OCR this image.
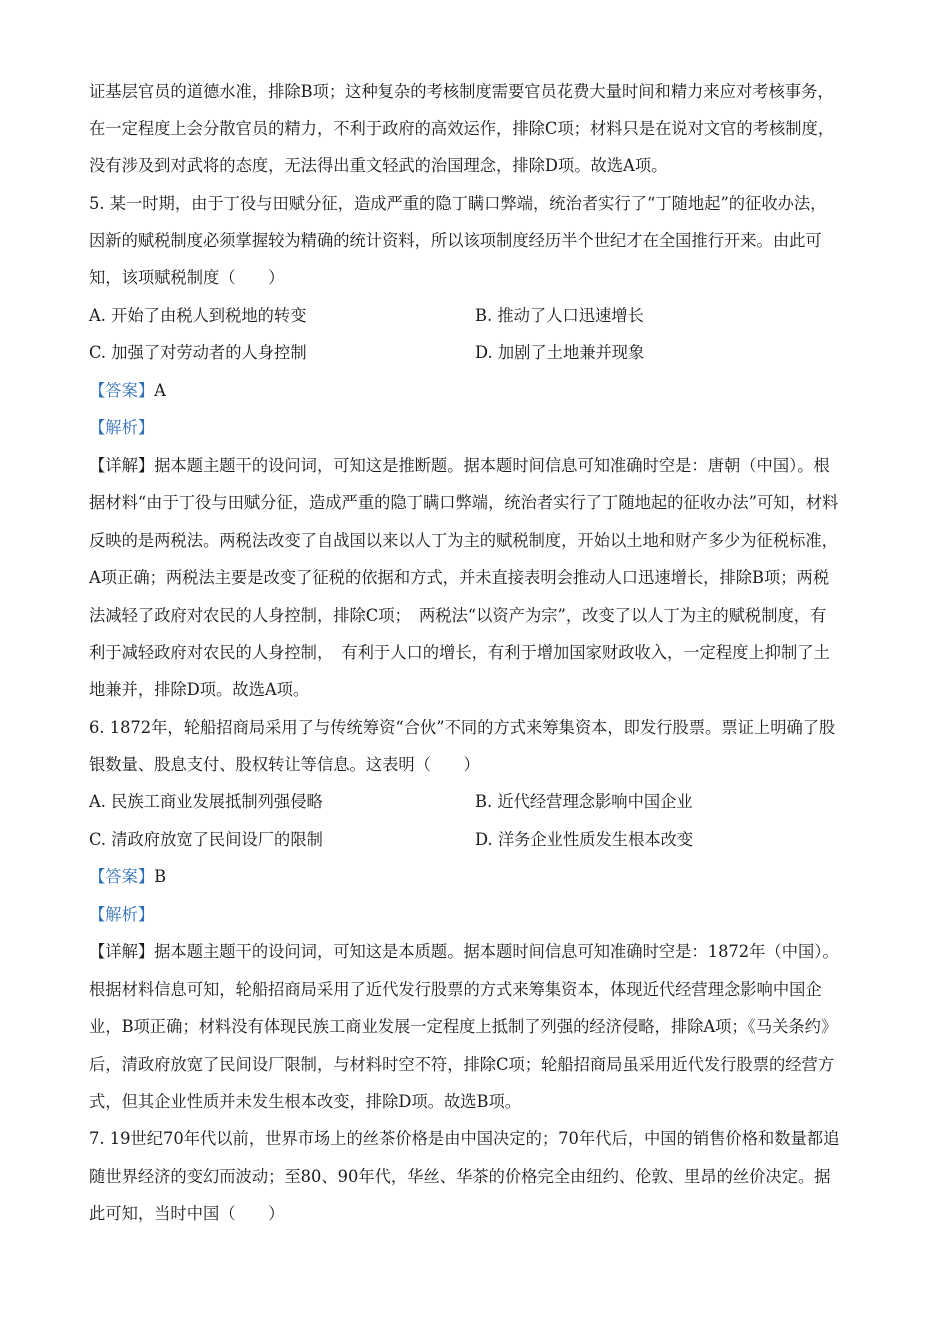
证基层官员的道德水准，排除B项；这种复杂的考核制度需要官员花费大量时间和精力来应对考核事务，
在一定程度上会分散官员的精力，不利于政府的高效运作，排除C项；材料只是在说对文官的考核制度，
没有涉及到对武将的态度，无法得出重文轻武的治国理念，排除D项。故选A项。
5. 某一时期，由于丁役与田赋分征，造成严重的隐丁瞒口弊端，统治者实行了“丁随地起”的征收办法，
因新的赋税制度必须掌握较为精确的统计资料，所以该项制度经历半个世纪才在全国推行开来。由此可
知，该项赋税制度（　　）
A. 开始了由税人到税地的转变	B. 推动了人口迅速增长
C. 加强了对劳动者的人身控制	D. 加剧了土地兼并现象
【答案】A
【解析】
【详解】据本题主题干的设问词，可知这是推断题。据本题时间信息可知准确时空是：唐朝（中国）。根
据材料“由于丁役与田赋分征，造成严重的隐丁瞒口弊端，统治者实行了丁随地起的征收办法”可知，材料
反映的是两税法。两税法改变了自战国以来以人丁为主的赋税制度，开始以土地和财产多少为征税标准，
A项正确；两税法主要是改变了征税的依据和方式，并未直接表明会推动人口迅速增长，排除B项；两税
法减轻了政府对农民的人身控制，排除C项；　两税法“以资产为宗”，改变了以人丁为主的赋税制度，有
利于减轻政府对农民的人身控制，　有利于人口的增长，有利于增加国家财政收入，一定程度上抑制了土
地兼并，排除D项。故选A项。
6. 1872年，轮船招商局采用了与传统筹资“合伙”不同的方式来筹集资本，即发行股票。票证上明确了股
银数量、股息支付、股权转让等信息。这表明（　　）
A. 民族工商业发展抵制列强侵略	B. 近代经营理念影响中国企业
C. 清政府放宽了民间设厂的限制	D. 洋务企业性质发生根本改变
【答案】B
【解析】
【详解】据本题主题干的设问词，可知这是本质题。据本题时间信息可知准确时空是：1872年（中国）。
根据材料信息可知，轮船招商局采用了近代发行股票的方式来筹集资本，体现近代经营理念影响中国企
业，B项正确；材料没有体现民族工商业发展一定程度上抵制了列强的经济侵略，排除A项；《马关条约》
后，清政府放宽了民间设厂限制，与材料时空不符，排除C项；轮船招商局虽采用近代发行股票的经营方
式，但其企业性质并未发生根本改变，排除D项。故选B项。
7. 19世纪70年代以前，世界市场上的丝茶价格是由中国决定的；70年代后，中国的销售价格和数量都追
随世界经济的变幻而波动；至80、90年代，华丝、华茶的价格完全由纽约、伦敦、里昂的丝价决定。据
此可知，当时中国（　　）
